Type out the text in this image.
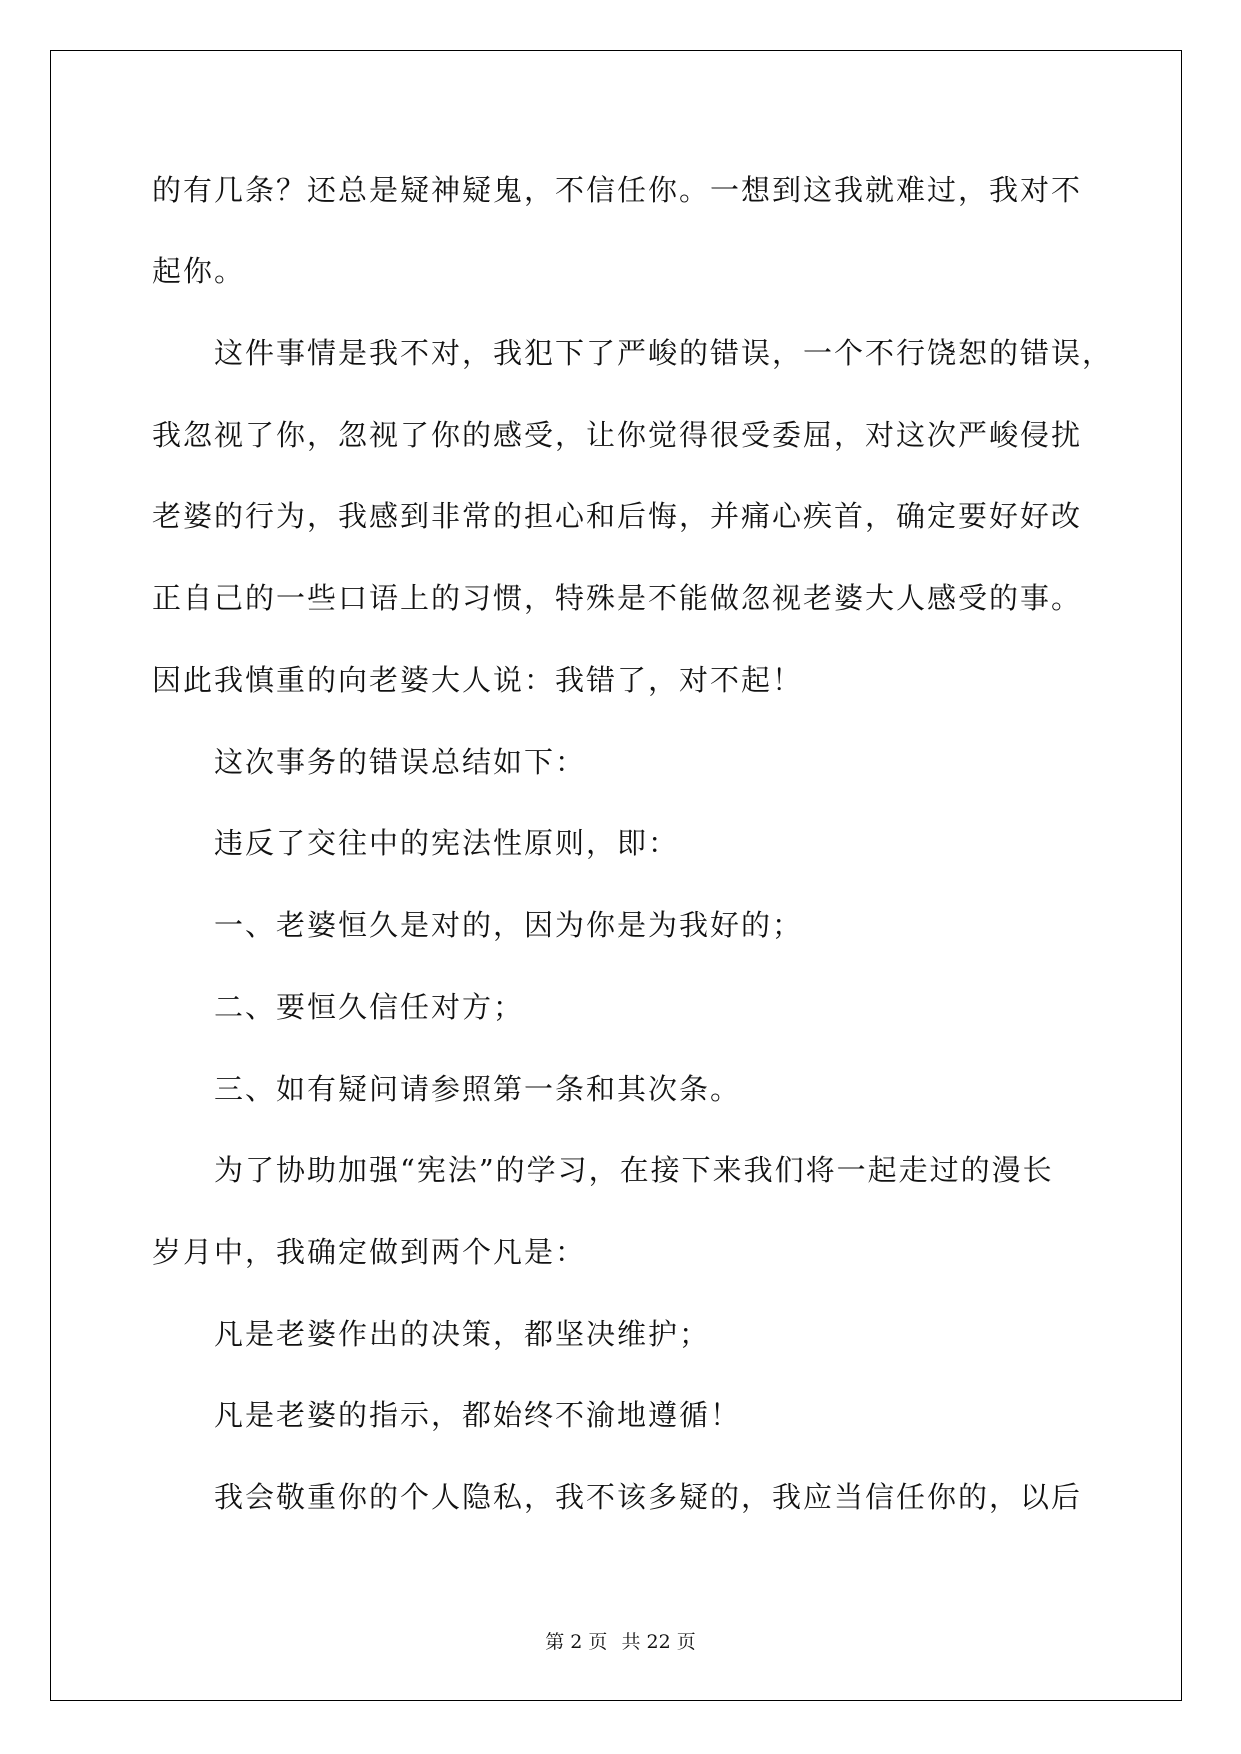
的有几条？还总是疑神疑鬼，不信任你。一想到这我就难过，我对不

起你。

这件事情是我不对，我犯下了严峻的错误，一个不行饶恕的错误，

我忽视了你，忽视了你的感受，让你觉得很受委屈，对这次严峻侵扰

老婆的行为，我感到非常的担心和后悔，并痛心疾首，确定要好好改

正自己的一些口语上的习惯，特殊是不能做忽视老婆大人感受的事。

因此我慎重的向老婆大人说：我错了，对不起！

这次事务的错误总结如下：

违反了交往中的宪法性原则，即：

一、老婆恒久是对的，因为你是为我好的；

二、要恒久信任对方；

三、如有疑问请参照第一条和其次条。

为了协助加强“宪法”的学习，在接下来我们将一起走过的漫长

岁月中，我确定做到两个凡是：

凡是老婆作出的决策，都坚决维护；

凡是老婆的指示，都始终不渝地遵循！

我会敬重你的个人隐私，我不该多疑的，我应当信任你的，以后

第 2 页 共 22 页
